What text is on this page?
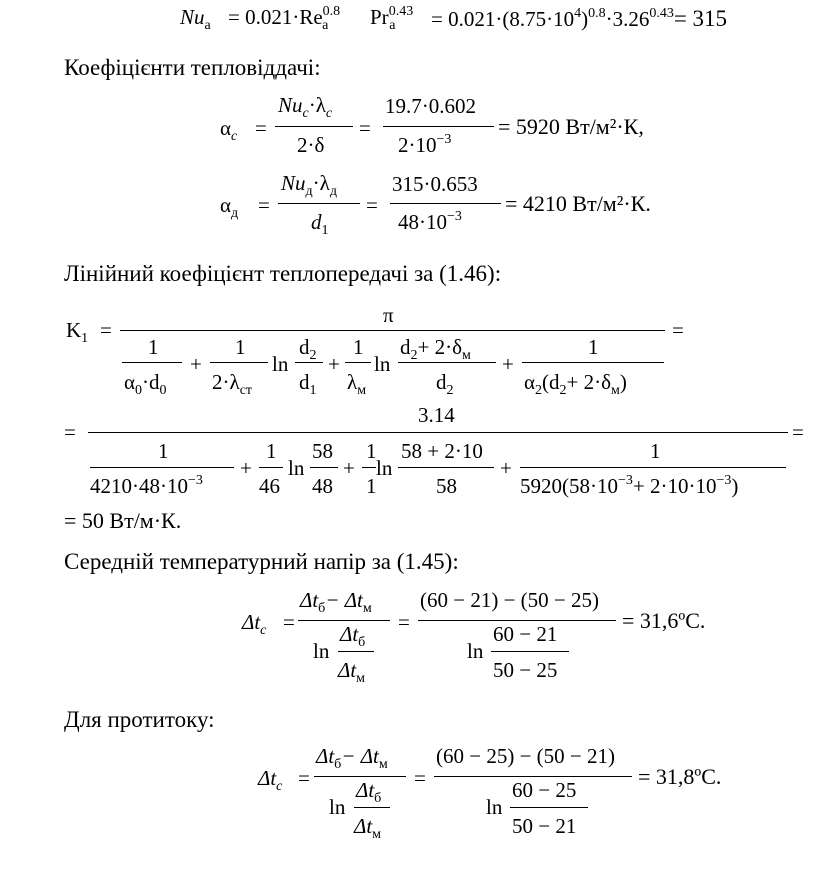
$Nu_a = 0.021\cdot Re^{0.8}_a$ $Pr^{0.43}_a = 0.021\cdot(8.75\cdot 10^4)^{0.8}\cdot 3.26^{0.43}= 315$
Коефіцієнти тепловіддачі:
$\alpha_c$ =
$Nu_c\cdot\lambda_c$
2·δ
=
19.7·0.602
$2\cdot 10^{-3}$
= 5920 Вт/м²·К,
$\alpha_д$ =
$Nu_д\cdot\lambda_д$
$d_1$
=
315·0.653
$48\cdot 10^{-3}$
= 4210 Вт/м²·К.
Лінійний коефіцієнт теплопередачі за (1.46):
$K_1$ =
π
1
$\alpha_0\cdot d_0$
+
1
$2\cdot\lambda_{ст}$
ln
$d_2$
$d_1$
+
1
$\lambda_м$
ln
$d_2+ 2\cdot\delta_м$
$d_2$
+
1
$\alpha_2(d_2+ 2\cdot\delta_м)$
=
=
3.14
1
$4210\cdot 48\cdot 10^{-3}$
+
1
46
ln
58
48
+
1
1
ln
58 + 2·10
58
+
1
$5920(58\cdot 10^{-3}+ 2\cdot 10\cdot 10^{-3})$
=
= 50 Вт/м·К.
Середній температурний напір за (1.45):
$\Delta t_c$ =
$\Delta t_б- \Delta t_м$
ln
$\Delta t_б$
$\Delta t_м$
=
(60 − 21) − (50 − 25)
ln
60 − 21
50 − 25
= 31,6ºC.
Для протитоку:
$\Delta t_c$ =
$\Delta t_б- \Delta t_м$
ln
$\Delta t_б$
$\Delta t_м$
=
(60 − 25) − (50 − 21)
ln
60 − 25
50 − 21
= 31,8ºC.
